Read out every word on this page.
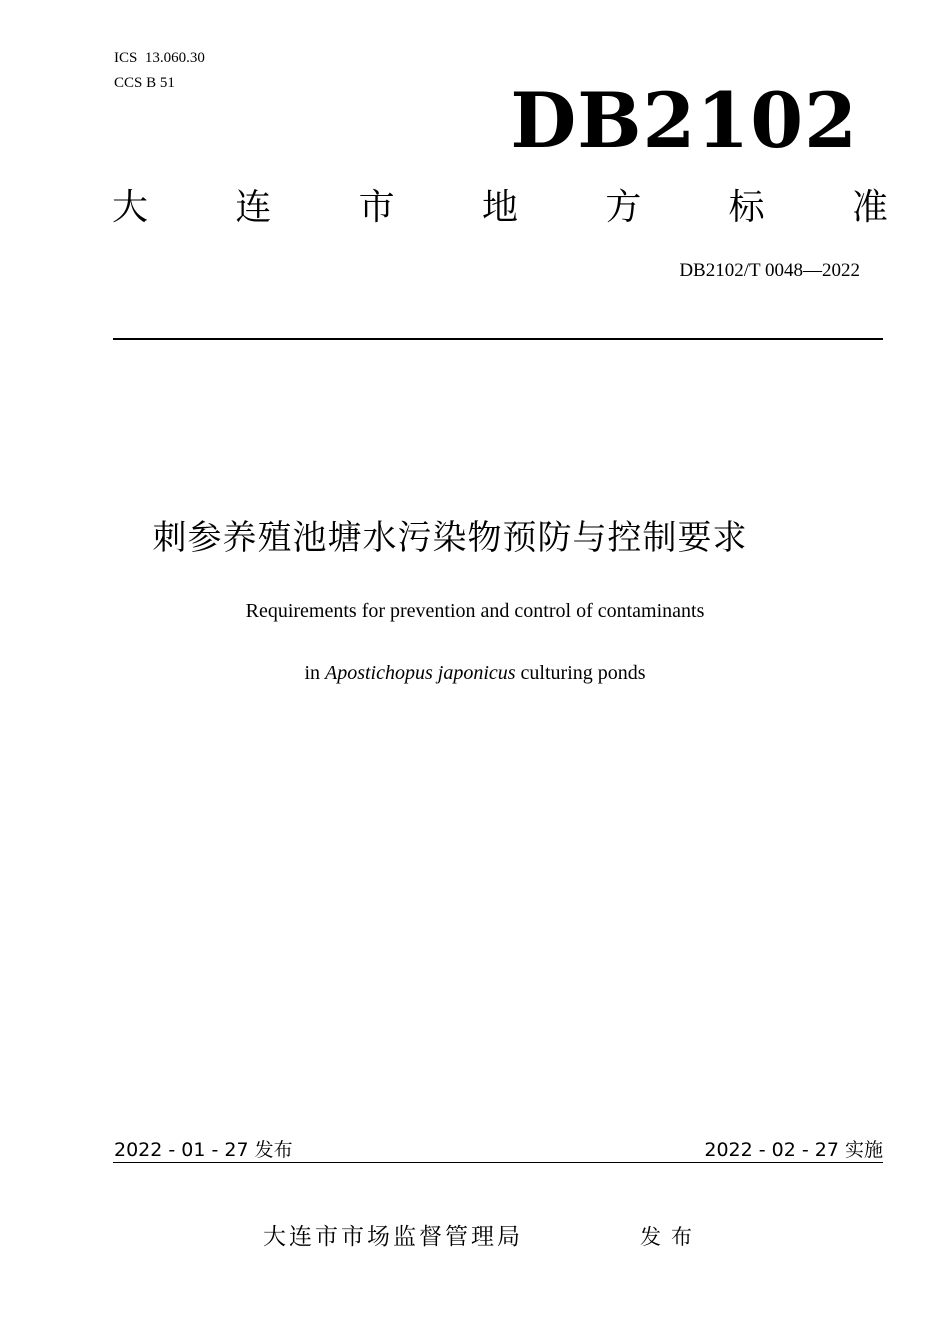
ICS  13.060.30
CCS B 51	DB2102
大 连 市 地 方 标 准
DB2102/T 0048—2022
刺参养殖池塘水污染物预防与控制要求
Requirements for prevention and control of contaminants
in Apostichopus japonicus culturing ponds
2022 - 01 - 27 发布	2022 - 02 - 27 实施
大连市市场监督管理局	发布
